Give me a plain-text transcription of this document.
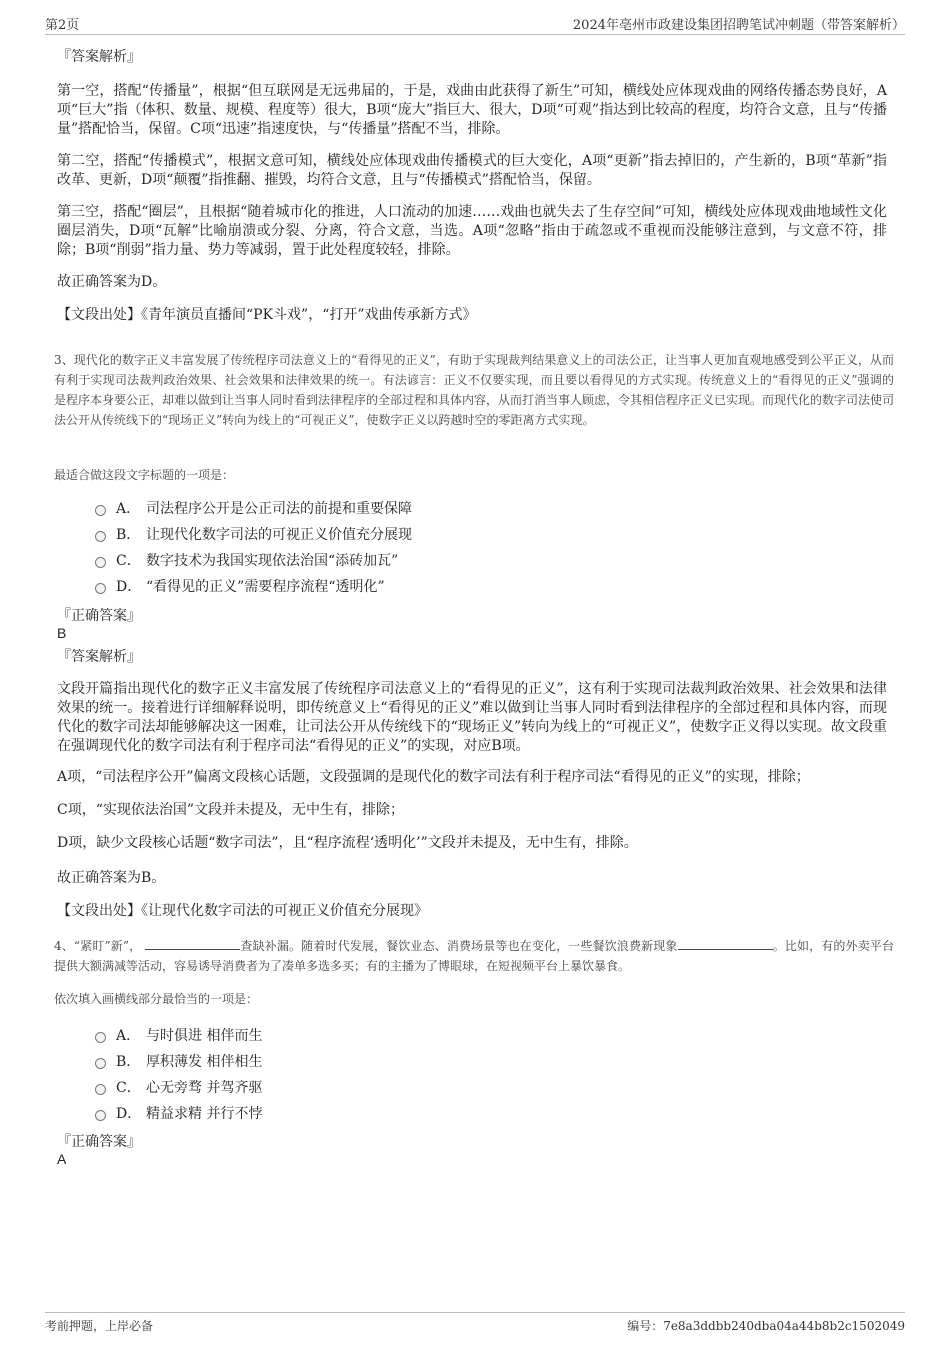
第2页	2024年亳州市政建设集团招聘笔试冲刺题（带答案解析）
『答案解析』
第一空，搭配“传播量”，根据“但互联网是无远弗届的，于是，戏曲由此获得了新生”可知，横线处应体现戏曲的网络传播态势良好，A项“巨大”指（体积、数量、规模、程度等）很大，B项“庞大”指巨大、很大，D项“可观”指达到比较高的程度，均符合文意，且与“传播量”搭配恰当，保留。C项“迅速”指速度快，与“传播量”搭配不当，排除。
第二空，搭配“传播模式”，根据文意可知，横线处应体现戏曲传播模式的巨大变化，A项“更新”指去掉旧的，产生新的，B项“革新”指改革、更新，D项“颠覆”指推翻、摧毁，均符合文意，且与“传播模式”搭配恰当，保留。
第三空，搭配“圈层”，且根据“随着城市化的推进，人口流动的加速……戏曲也就失去了生存空间”可知，横线处应体现戏曲地域性文化圈层消失，D项“瓦解”比喻崩溃或分裂、分离，符合文意，当选。A项“忽略”指由于疏忽或不重视而没能够注意到，与文意不符，排除；B项“削弱”指力量、势力等减弱，置于此处程度较轻，排除。
故正确答案为D。
【文段出处】《青年演员直播间“PK斗戏”，“打开”戏曲传承新方式》
3、现代化的数字正义丰富发展了传统程序司法意义上的“看得见的正义”，有助于实现裁判结果意义上的司法公正，让当事人更加直观地感受到公平正义，从而有利于实现司法裁判政治效果、社会效果和法律效果的统一。有法谚言：正义不仅要实现，而且要以看得见的方式实现。传统意义上的“看得见的正义”强调的是程序本身要公正，却难以做到让当事人同时看到法律程序的全部过程和具体内容，从而打消当事人顾虑，令其相信程序正义已实现。而现代化的数字司法使司法公开从传统线下的“现场正义”转向为线上的“可视正义”，使数字正义以跨越时空的零距离方式实现。
最适合做这段文字标题的一项是：
A． 司法程序公开是公正司法的前提和重要保障
B． 让现代化数字司法的可视正义价值充分展现
C． 数字技术为我国实现依法治国“添砖加瓦”
D． “看得见的正义”需要程序流程“透明化”
『正确答案』
B
『答案解析』
文段开篇指出现代化的数字正义丰富发展了传统程序司法意义上的“看得见的正义”，这有利于实现司法裁判政治效果、社会效果和法律效果的统一。接着进行详细解释说明，即传统意义上“看得见的正义”难以做到让当事人同时看到法律程序的全部过程和具体内容，而现代化的数字司法却能够解决这一困难，让司法公开从传统线下的“现场正义”转向为线上的“可视正义”，使数字正义得以实现。故文段重在强调现代化的数字司法有利于程序司法“看得见的正义”的实现，对应B项。
A项，“司法程序公开”偏离文段核心话题，文段强调的是现代化的数字司法有利于程序司法“看得见的正义”的实现，排除；
C项，“实现依法治国”文段并未提及，无中生有，排除；
D项，缺少文段核心话题“数字司法”，且“程序流程‘透明化’”文段并未提及，无中生有，排除。
故正确答案为B。
【文段出处】《让现代化数字司法的可视正义价值充分展现》
4、“紧盯”新”，	查缺补漏。随着时代发展，餐饮业态、消费场景等也在变化，一些餐饮浪费新现象	。比如，有的外卖平台提供大额满减等活动，容易诱导消费者为了凑单多选多买；有的主播为了博眼球，在短视频平台上暴饮暴食。
依次填入画横线部分最恰当的一项是：
A． 与时俱进 相伴而生
B． 厚积薄发 相伴相生
C． 心无旁骛 并驾齐驱
D． 精益求精 并行不悖
『正确答案』
A
考前押题，上岸必备	编号：7e8a3ddbb240dba04a44b8b2c1502049
